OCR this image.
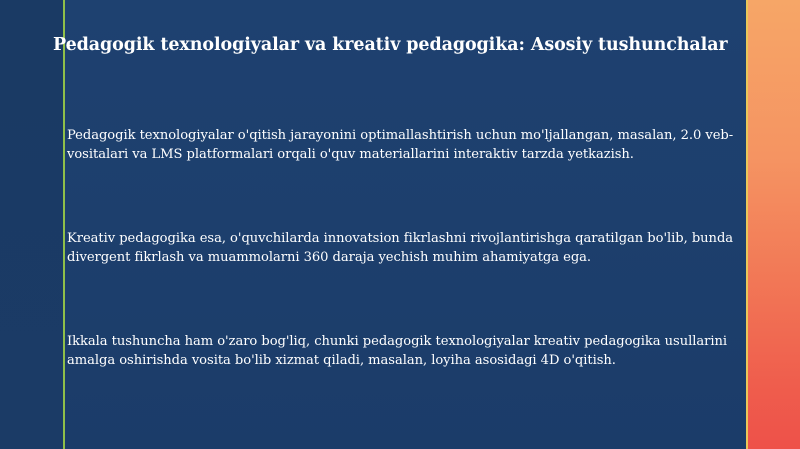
Pedagogik texnologiyalar va kreativ pedagogika: Asosiy tushunchalar

Pedagogik texnologiyalar o'qitish jarayonini optimallashtirish uchun mo'ljallangan, masalan, 2.0 veb-vositalari va LMS platformalari orqali o'quv materiallarini interaktiv tarzda yetkazish.

Kreativ pedagogika esa, o'quvchilarda innovatsion fikrlashni rivojlantirishga qaratilgan bo'lib, bunda divergent fikrlash va muammolarni 360 daraja yechish muhim ahamiyatga ega.

Ikkala tushuncha ham o'zaro bog'liq, chunki pedagogik texnologiyalar kreativ pedagogika usullarini amalga oshirishda vosita bo'lib xizmat qiladi, masalan, loyiha asosidagi 4D o'qitish.
